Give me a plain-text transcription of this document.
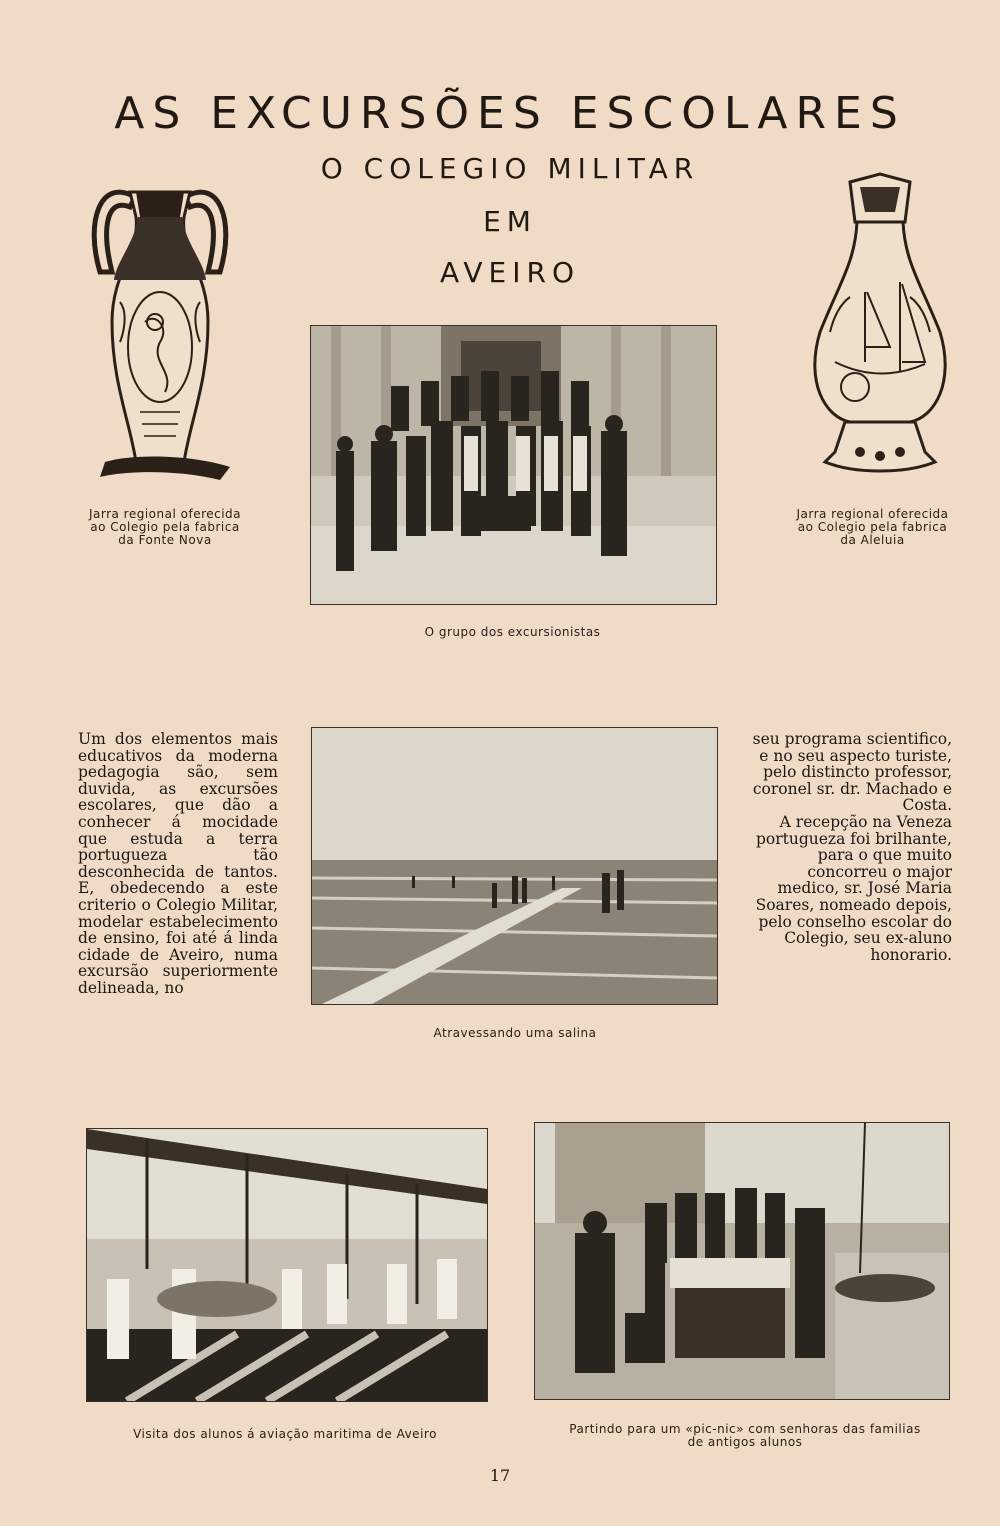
AS EXCURSÕES ESCOLARES
O COLEGIO MILITAR
EM
AVEIRO
Jarra regional oferecida
ao Colegio pela fabrica
da Fonte Nova
Jarra regional oferecida
ao Colegio pela fabrica
da Aleluia
O grupo dos excursionistas

Um dos elementos mais educativos da moderna pedagogia são, sem duvida, as excursões escolares, que dão a conhecer á mocidade que estuda a terra portugueza tão desconhecida de tantos. E, obedecendo a este criterio o Colegio Militar, modelar estabelecimento de ensino, foi até á linda cidade de Aveiro, numa excursão superiormente delineada, no

Atravessando uma salina

seu programa scientifico, e no seu aspecto turiste, pelo distincto professor, coronel sr. dr. Machado e Costa.

A recepção na Veneza portugueza foi brilhante, para o que muito concorreu o major medico, sr. José Maria Soares, nomeado depois, pelo conselho escolar do Colegio, seu ex-aluno honorario.

Visita dos alunos á aviação maritima de Aveiro	Partindo para um «pic-nic» com senhoras das familias
de antigos alunos
17
